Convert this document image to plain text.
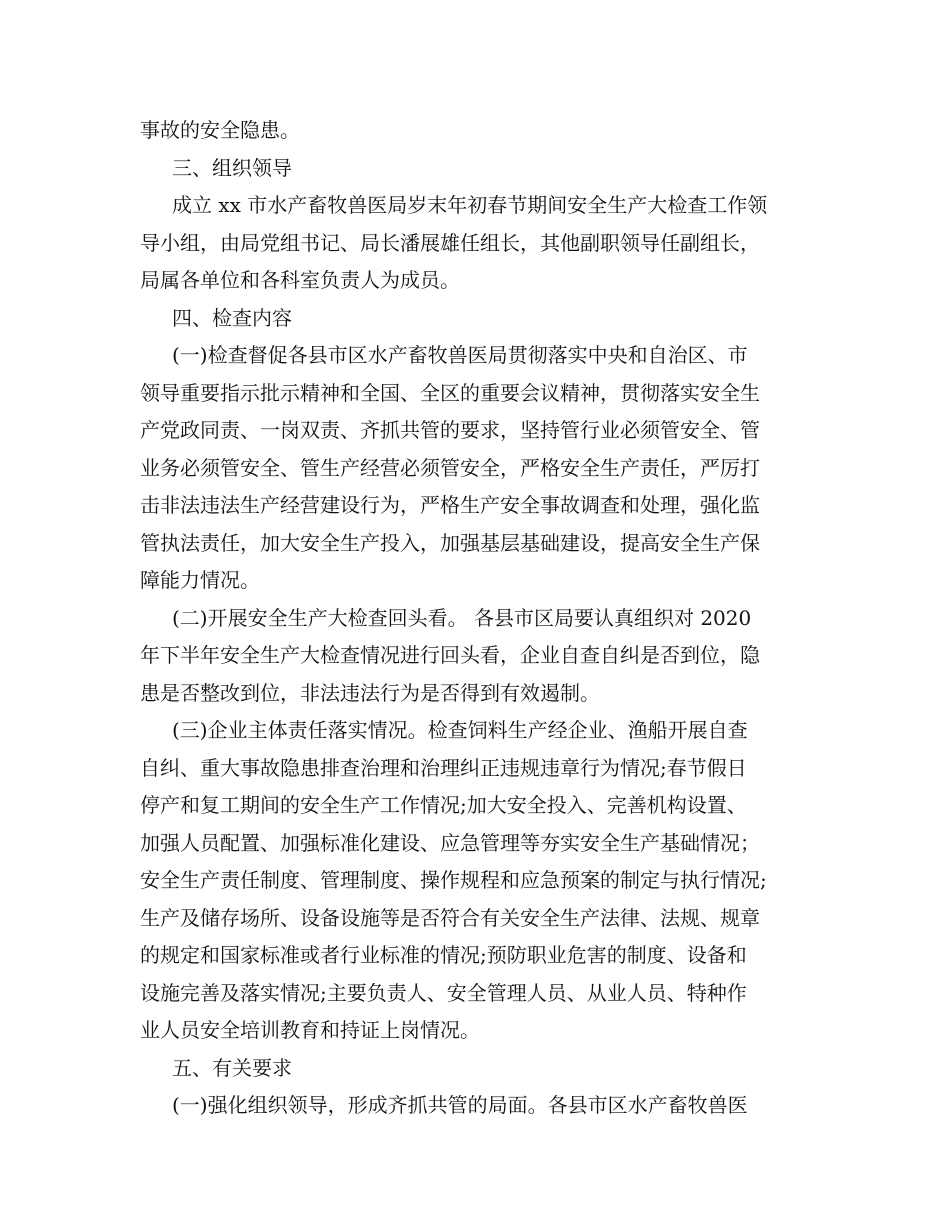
事故的安全隐患。
三、组织领导
成立 xx 市水产畜牧兽医局岁末年初春节期间安全生产大检查工作领
导小组，由局党组书记、局长潘展雄任组长，其他副职领导任副组长，
局属各单位和各科室负责人为成员。
四、检查内容
(一)检查督促各县市区水产畜牧兽医局贯彻落实中央和自治区、市
领导重要指示批示精神和全国、全区的重要会议精神，贯彻落实安全生
产党政同责、一岗双责、齐抓共管的要求，坚持管行业必须管安全、管
业务必须管安全、管生产经营必须管安全，严格安全生产责任，严厉打
击非法违法生产经营建设行为，严格生产安全事故调查和处理，强化监
管执法责任，加大安全生产投入，加强基层基础建设，提高安全生产保
障能力情况。
(二)开展安全生产大检查回头看。 各县市区局要认真组织对 2020
年下半年安全生产大检查情况进行回头看，企业自查自纠是否到位，隐
患是否整改到位，非法违法行为是否得到有效遏制。
(三)企业主体责任落实情况。检查饲料生产经企业、渔船开展自查
自纠、重大事故隐患排查治理和治理纠正违规违章行为情况;春节假日
停产和复工期间的安全生产工作情况;加大安全投入、完善机构设置、
加强人员配置、加强标准化建设、应急管理等夯实安全生产基础情况；
安全生产责任制度、管理制度、操作规程和应急预案的制定与执行情况;
生产及储存场所、设备设施等是否符合有关安全生产法律、法规、规章
的规定和国家标准或者行业标准的情况;预防职业危害的制度、设备和
设施完善及落实情况;主要负责人、安全管理人员、从业人员、特种作
业人员安全培训教育和持证上岗情况。
五、有关要求
(一)强化组织领导，形成齐抓共管的局面。各县市区水产畜牧兽医
